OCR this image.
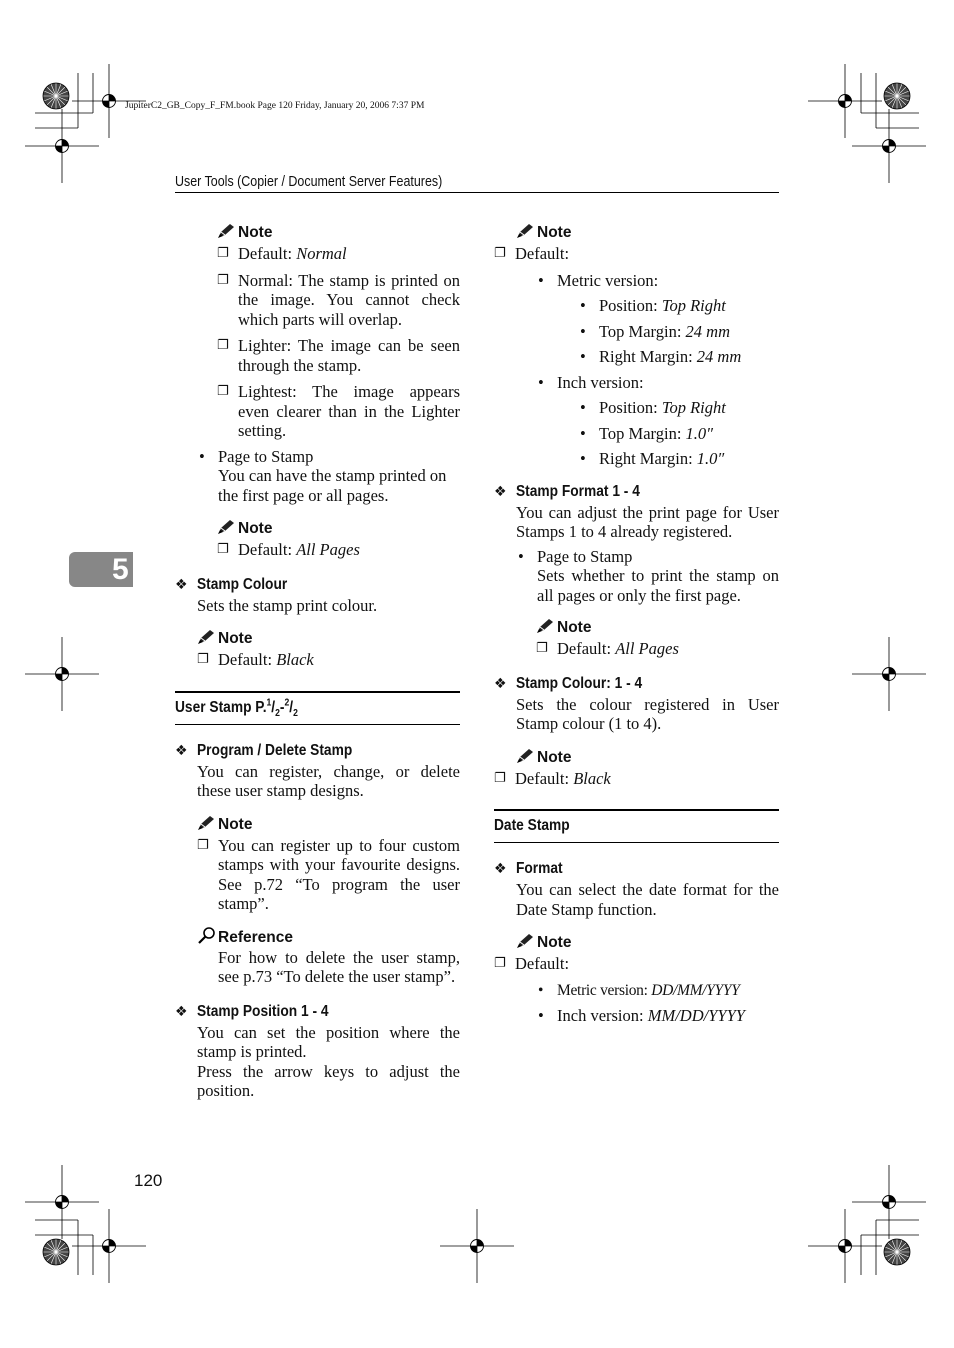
JupiterC2_GB_Copy_F_FM.book Page 120 Friday, January 20, 2006 7:37 PM
User Tools (Copier / Document Server Features)
5
Note
❐ Default: Normal
❐ Normal: The stamp is printed on the image. You cannot check which parts will overlap.
❐ Lighter: The image can be seen through the stamp.
❐ Lightest: The image appears even clearer than in the Lighter setting.
• Page to Stamp
You can have the stamp printed on the first page or all pages.
Note
❐ Default: All Pages
❖ Stamp Colour
Sets the stamp print colour.
Note
❐ Default: Black
User Stamp $P.^1/_2-^2/_2$
❖ Program / Delete Stamp
You can register, change, or delete these user stamp designs.
Note
❐ You can register up to four custom stamps with your favourite designs. See p.72 “To program the user stamp”.
Reference
For how to delete the user stamp, see p.73 “To delete the user stamp”.
❖ Stamp Position 1 - 4
You can set the position where the stamp is printed.
Press the arrow keys to adjust the position.
Note
❐ Default:
• Metric version:
• Position: Top Right
• Top Margin: 24 mm
• Right Margin: 24 mm
• Inch version:
• Position: Top Right
• Top Margin: 1.0″
• Right Margin: 1.0″
❖ Stamp Format 1 - 4
You can adjust the print page for User Stamps 1 to 4 already registered.
• Page to Stamp
Sets whether to print the stamp on all pages or only the first page.
Note
❐ Default: All Pages
❖ Stamp Colour: 1 - 4
Sets the colour registered in User Stamp colour (1 to 4).
Note
❐ Default: Black
Date Stamp
❖ Format
You can select the date format for the Date Stamp function.
Note
❐ Default:
• Metric version: DD/MM/YYYY
• Inch version: MM/DD/YYYY
120
